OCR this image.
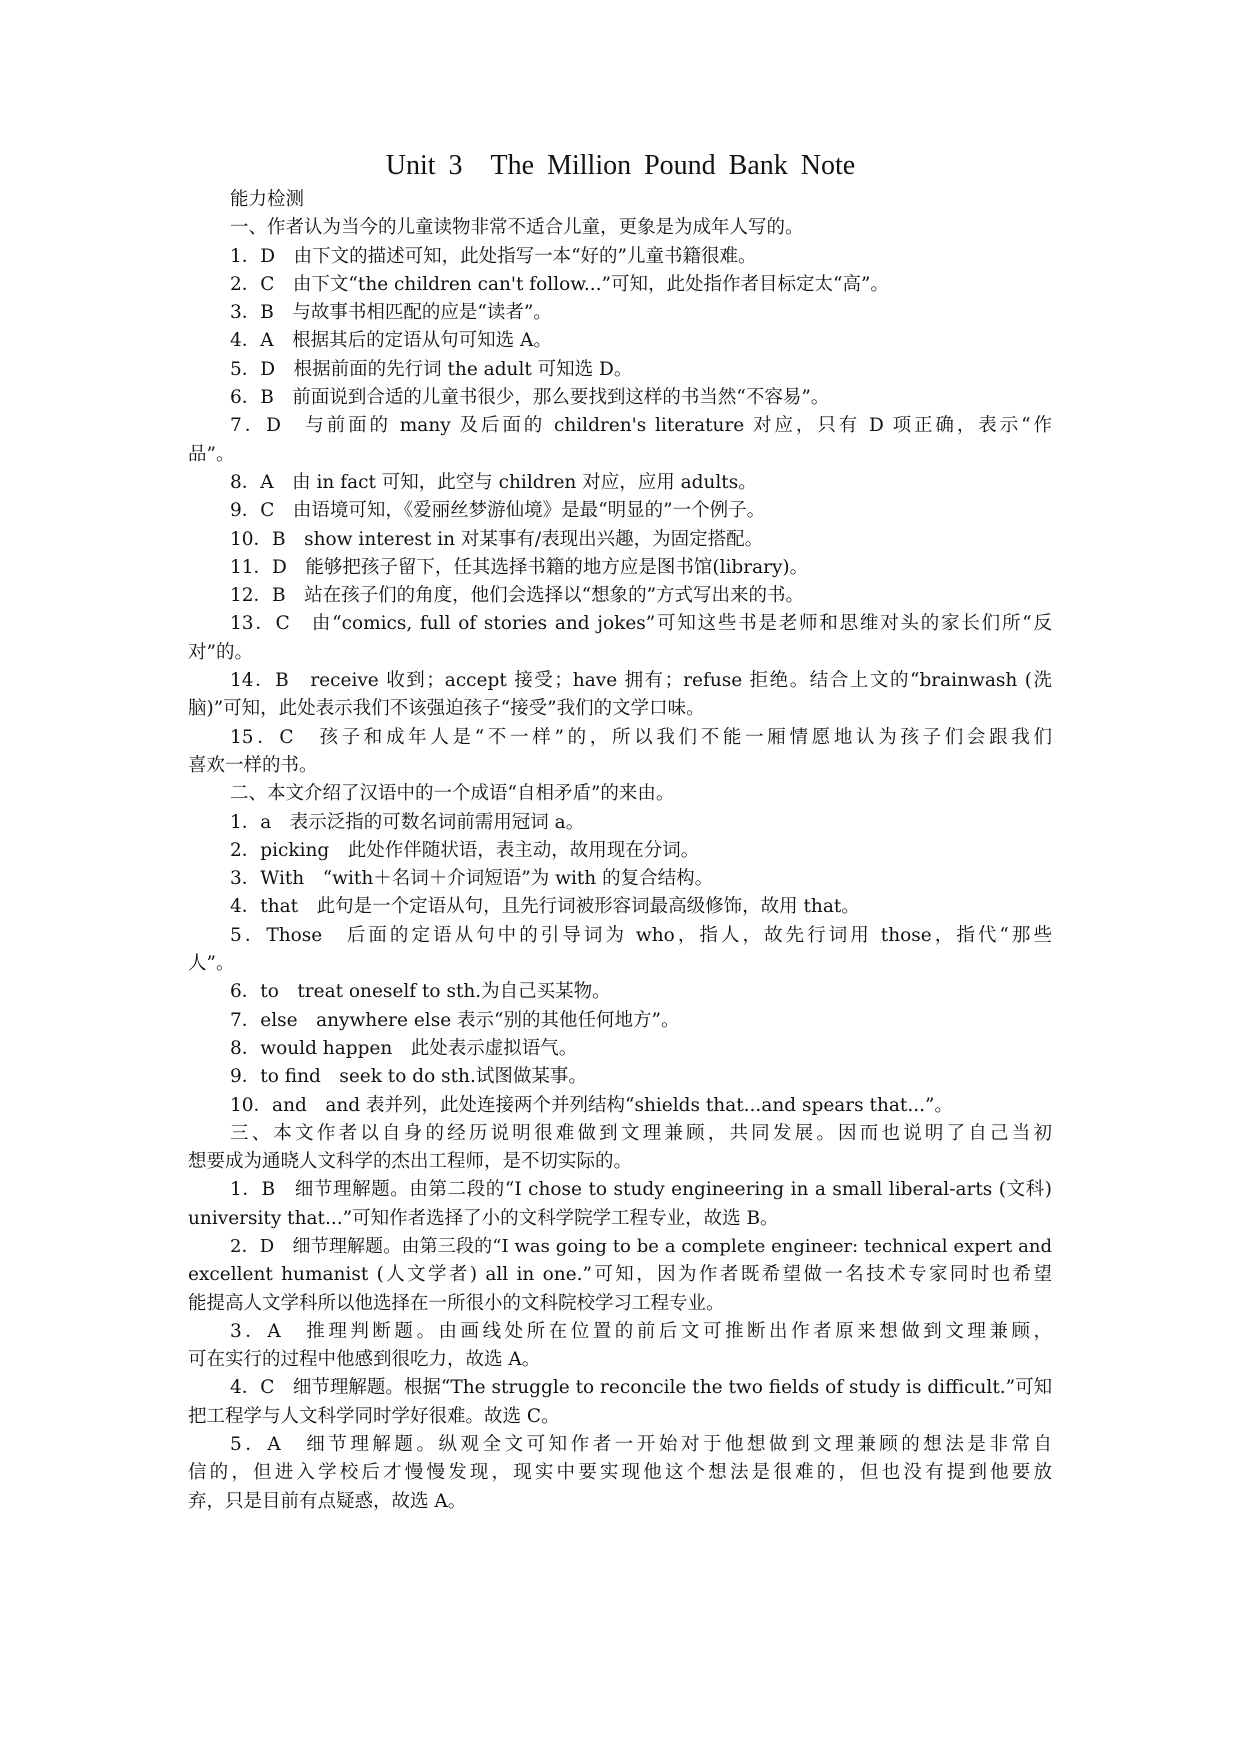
Unit 3　The Million Pound Bank Note
能力检测
一、作者认为当今的儿童读物非常不适合儿童，更象是为成年人写的。
1．D　由下文的描述可知，此处指写一本“好的”儿童书籍很难。
2．C　由下文“the children can't follow...”可知，此处指作者目标定太“高”。
3．B　与故事书相匹配的应是“读者”。
4．A　根据其后的定语从句可知选 A。
5．D　根据前面的先行词 the adult 可知选 D。
6．B　前面说到合适的儿童书很少，那么要找到这样的书当然“不容易”。
7．D　与前面的 many 及后面的 children's literature 对应，只有 D 项正确，表示“作
品”。
8．A　由 in fact 可知，此空与 children 对应，应用 adults。
9．C　由语境可知，《爱丽丝梦游仙境》是最“明显的”一个例子。
10．B　show interest in 对某事有/表现出兴趣，为固定搭配。
11．D　能够把孩子留下，任其选择书籍的地方应是图书馆(library)。
12．B　站在孩子们的角度，他们会选择以“想象的”方式写出来的书。
13．C　由“comics, full of stories and jokes”可知这些书是老师和思维对头的家长们所“反
对”的。
14．B　receive 收到；accept 接受；have 拥有；refuse 拒绝。结合上文的“brainwash (洗
脑)”可知，此处表示我们不该强迫孩子“接受”我们的文学口味。
15．C　孩子和成年人是“不一样”的，所以我们不能一厢情愿地认为孩子们会跟我们
喜欢一样的书。
二、本文介绍了汉语中的一个成语“自相矛盾”的来由。
1．a　表示泛指的可数名词前需用冠词 a。
2．picking　此处作伴随状语，表主动，故用现在分词。
3．With　“with＋名词＋介词短语”为 with 的复合结构。
4．that　此句是一个定语从句，且先行词被形容词最高级修饰，故用 that。
5．Those　后面的定语从句中的引导词为 who，指人，故先行词用 those，指代“那些
人”。
6．to　treat oneself to sth.为自己买某物。
7．else　anywhere else 表示“别的其他任何地方”。
8．would happen　此处表示虚拟语气。
9．to find　seek to do sth.试图做某事。
10．and　and 表并列，此处连接两个并列结构“shields that...and spears that...”。
三、本文作者以自身的经历说明很难做到文理兼顾，共同发展。因而也说明了自己当初
想要成为通晓人文科学的杰出工程师，是不切实际的。
1．B　细节理解题。由第二段的“I chose to study engineering in a small liberal-arts (文科)
university that...”可知作者选择了小的文科学院学工程专业，故选 B。
2．D　细节理解题。由第三段的“I was going to be a complete engineer: technical expert and
excellent humanist (人文学者) all in one.”可知，因为作者既希望做一名技术专家同时也希望
能提高人文学科所以他选择在一所很小的文科院校学习工程专业。
3．A　推理判断题。由画线处所在位置的前后文可推断出作者原来想做到文理兼顾，
可在实行的过程中他感到很吃力，故选 A。
4．C　细节理解题。根据“The struggle to reconcile the two fields of study is difficult.”可知
把工程学与人文科学同时学好很难。故选 C。
5．A　细节理解题。纵观全文可知作者一开始对于他想做到文理兼顾的想法是非常自
信的，但进入学校后才慢慢发现，现实中要实现他这个想法是很难的，但也没有提到他要放
弃，只是目前有点疑惑，故选 A。
